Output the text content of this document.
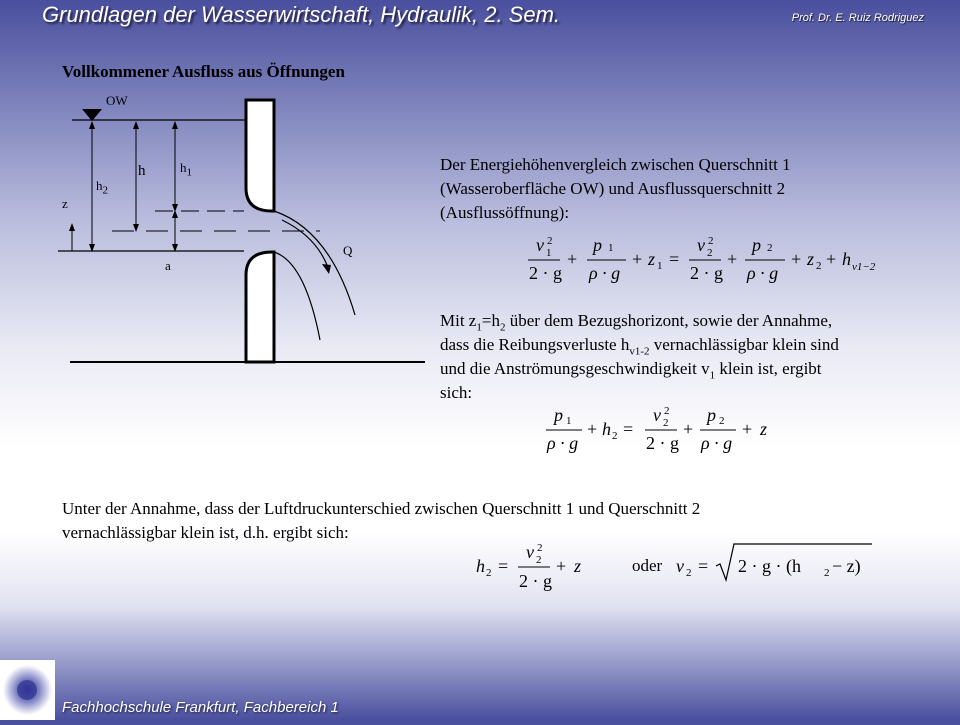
Grundlagen der Wasserwirtschaft, Hydraulik, 2. Sem.	Prof. Dr. E. Ruiz Rodriguez
Fachhochschule Frankfurt, Fachbereich 1
Vollkommener Ausfluss aus Öffnungen
OW
h	$h_1$
$h_2$
z
a
Q
Der Energiehöhenvergleich zwischen Querschnitt 1
(Wasseroberfläche OW) und Ausflussquerschnitt 2
(Ausflussöffnung):
v 1
2
2 · g
+
p 1
ρ · g
+ z 1 =
v 2
2
2 · g
+
p 2
ρ · g
+ z 2 + h v1−2
Mit $z_1=h_2$ über dem Bezugshorizont, sowie der Annahme,
dass die Reibungsverluste $h_{v1-2}$ vernachlässigbar klein sind
und die Anströmungsgeschwindigkeit $v_1$ klein ist, ergibt
sich:
p 1
ρ · g
+ h 2 =
v 2
2
2 · g
+
p 2
ρ · g
+ z
Unter der Annahme, dass der Luftdruckunterschied zwischen Querschnitt 1 und Querschnitt 2
vernachlässigbar klein ist, d.h. ergibt sich:
h 2 =
v 2
2
2 · g
+ z	oder v 2 = 2 · g · (h 2 − z)
